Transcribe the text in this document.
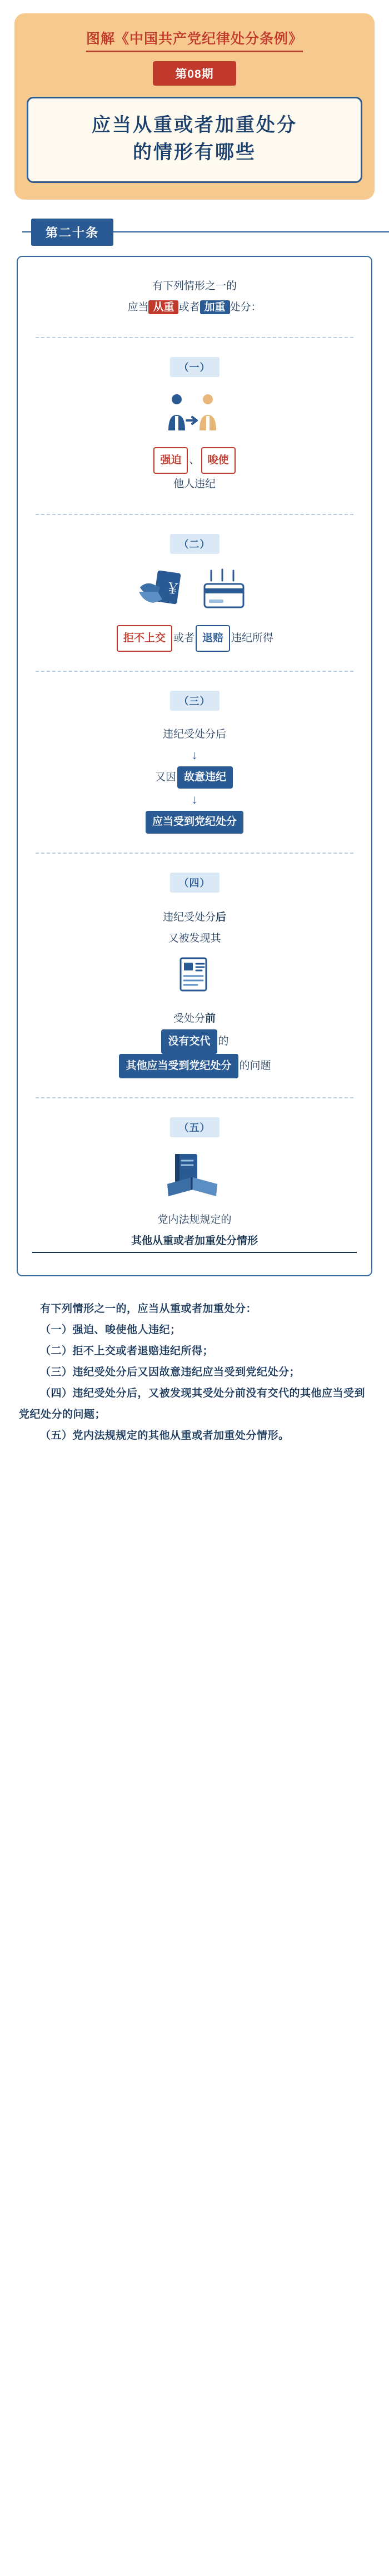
图解《中国共产党纪律处分条例》
第08期
应当从重或者加重处分
的情形有哪些
第二十条
有下列情形之一的
应当 从重 或者 加重 处分：
（一）
强迫 、 唆使
他人违纪
（二）
￥
拒不上交 或者 退赔 违纪所得
（三）
违纪受处分后
↓
又因 故意违纪
↓
应当受到党纪处分
（四）
违纪受处分后
又被发现其
受处分前
没有交代 的
其他应当受到党纪处分 的问题
（五）
党内法规规定的
其他从重或者加重处分情形

有下列情形之一的，应当从重或者加重处分：

（一）强迫、唆使他人违纪；

（二）拒不上交或者退赔违纪所得；

（三）违纪受处分后又因故意违纪应当受到党纪处分；

（四）违纪受处分后，又被发现其受处分前没有交代的其他应当受到党纪处分的问题；

（五）党内法规规定的其他从重或者加重处分情形。
